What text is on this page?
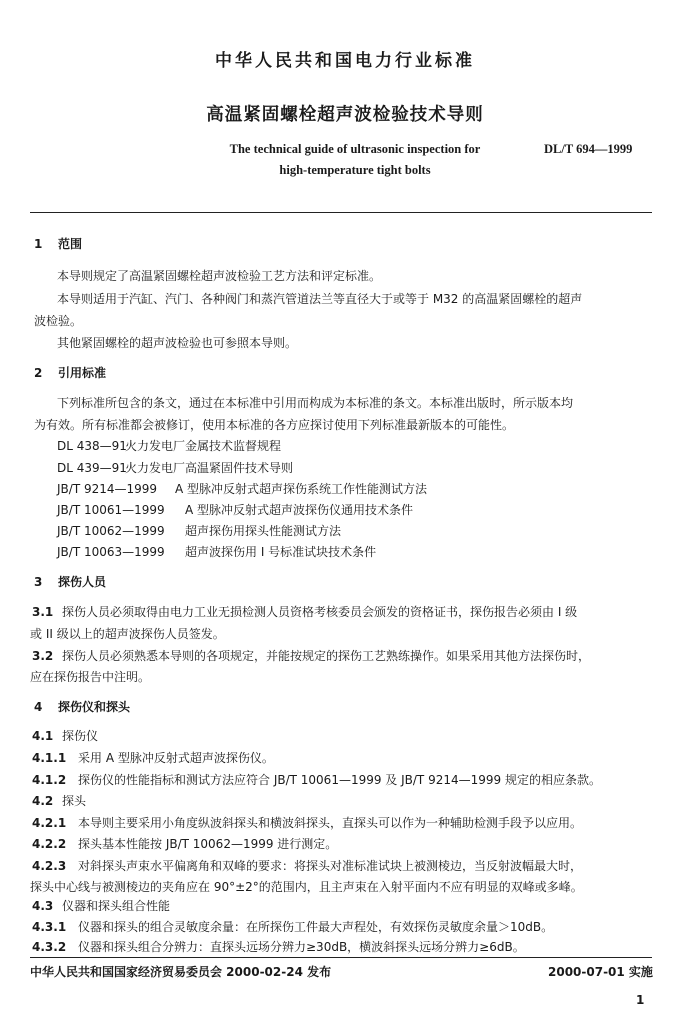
中华人民共和国电力行业标准
高温紧固螺栓超声波检验技术导则
The technical guide of ultrasonic inspection for
high-temperature tight bolts
DL/T 694—1999
1 范围
本导则规定了高温紧固螺栓超声波检验工艺方法和评定标准。
本导则适用于汽缸、汽门、各种阀门和蒸汽管道法兰等直径大于或等于 M32 的高温紧固螺栓的超声
波检验。
其他紧固螺栓的超声波检验也可参照本导则。
2 引用标准
下列标准所包含的条文，通过在本标准中引用而构成为本标准的条文。本标准出版时，所示版本均
为有效。所有标准都会被修订，使用本标准的各方应探讨使用下列标准最新版本的可能性。
DL 438—91火力发电厂金属技术监督规程
DL 439—91火力发电厂高温紧固件技术导则
JB/T 9214—1999 A 型脉冲反射式超声探伤系统工作性能测试方法
JB/T 10061—1999 A 型脉冲反射式超声波探伤仪通用技术条件
JB/T 10062—1999 超声探伤用探头性能测试方法
JB/T 10063—1999 超声波探伤用 I 号标准试块技术条件
3 探伤人员
3.1 探伤人员必须取得由电力工业无损检测人员资格考核委员会颁发的资格证书，探伤报告必须由 I 级
或 II 级以上的超声波探伤人员签发。
3.2 探伤人员必须熟悉本导则的各项规定，并能按规定的探伤工艺熟练操作。如果采用其他方法探伤时，
应在探伤报告中注明。
4 探伤仪和探头
4.1 探伤仪
4.1.1 采用 A 型脉冲反射式超声波探伤仪。
4.1.2 探伤仪的性能指标和测试方法应符合 JB/T 10061—1999 及 JB/T 9214—1999 规定的相应条款。
4.2 探头
4.2.1 本导则主要采用小角度纵波斜探头和横波斜探头，直探头可以作为一种辅助检测手段予以应用。
4.2.2 探头基本性能按 JB/T 10062—1999 进行测定。
4.2.3 对斜探头声束水平偏离角和双峰的要求：将探头对准标准试块上被测棱边，当反射波幅最大时，
探头中心线与被测棱边的夹角应在 90°±2°的范围内，且主声束在入射平面内不应有明显的双峰或多峰。
4.3 仪器和探头组合性能
4.3.1 仪器和探头的组合灵敏度余量：在所探伤工件最大声程处，有效探伤灵敏度余量＞10dB。
4.3.2 仪器和探头组合分辨力：直探头远场分辨力≥30dB，横波斜探头远场分辨力≥6dB。
中华人民共和国国家经济贸易委员会 2000-02-24 发布	2000-07-01 实施
1
